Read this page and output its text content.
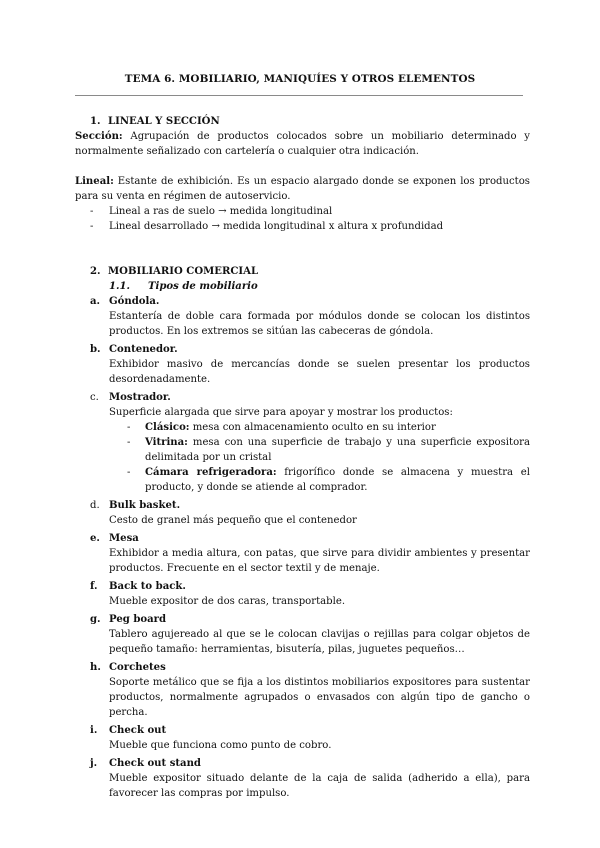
TEMA 6. MOBILIARIO, MANIQUÍES Y OTROS ELEMENTOS
1. LINEAL Y SECCIÓN

Sección: Agrupación de productos colocados sobre un mobiliario determinado y normalmente señalizado con cartelería o cualquier otra indicación.

Lineal: Estante de exhibición. Es un espacio alargado donde se exponen los productos para su venta en régimen de autoservicio.

- Lineal a ras de suelo → medida longitudinal
- Lineal desarrollado → medida longitudinal x altura x profundidad
2. MOBILIARIO COMERCIAL
1.1. Tipos de mobiliario
a. Góndola.
Estantería de doble cara formada por módulos donde se colocan los distintos productos. En los extremos se sitúan las cabeceras de góndola.
b. Contenedor.
Exhibidor masivo de mercancías donde se suelen presentar los productos desordenadamente.
c. Mostrador.
Superficie alargada que sirve para apoyar y mostrar los productos:
- Clásico: mesa con almacenamiento oculto en su interior
- Vitrina: mesa con una superficie de trabajo y una superficie expositora delimitada por un cristal
- Cámara refrigeradora: frigorífico donde se almacena y muestra el producto, y donde se atiende al comprador.
d. Bulk basket.
Cesto de granel más pequeño que el contenedor
e. Mesa
Exhibidor a media altura, con patas, que sirve para dividir ambientes y presentar productos. Frecuente en el sector textil y de menaje.
f. Back to back.
Mueble expositor de dos caras, transportable.
g. Peg board
Tablero agujereado al que se le colocan clavijas o rejillas para colgar objetos de pequeño tamaño: herramientas, bisutería, pilas, juguetes pequeños…
h. Corchetes
Soporte metálico que se fija a los distintos mobiliarios expositores para sustentar productos, normalmente agrupados o envasados con algún tipo de gancho o percha.
i. Check out
Mueble que funciona como punto de cobro.
j. Check out stand
Mueble expositor situado delante de la caja de salida (adherido a ella), para favorecer las compras por impulso.
